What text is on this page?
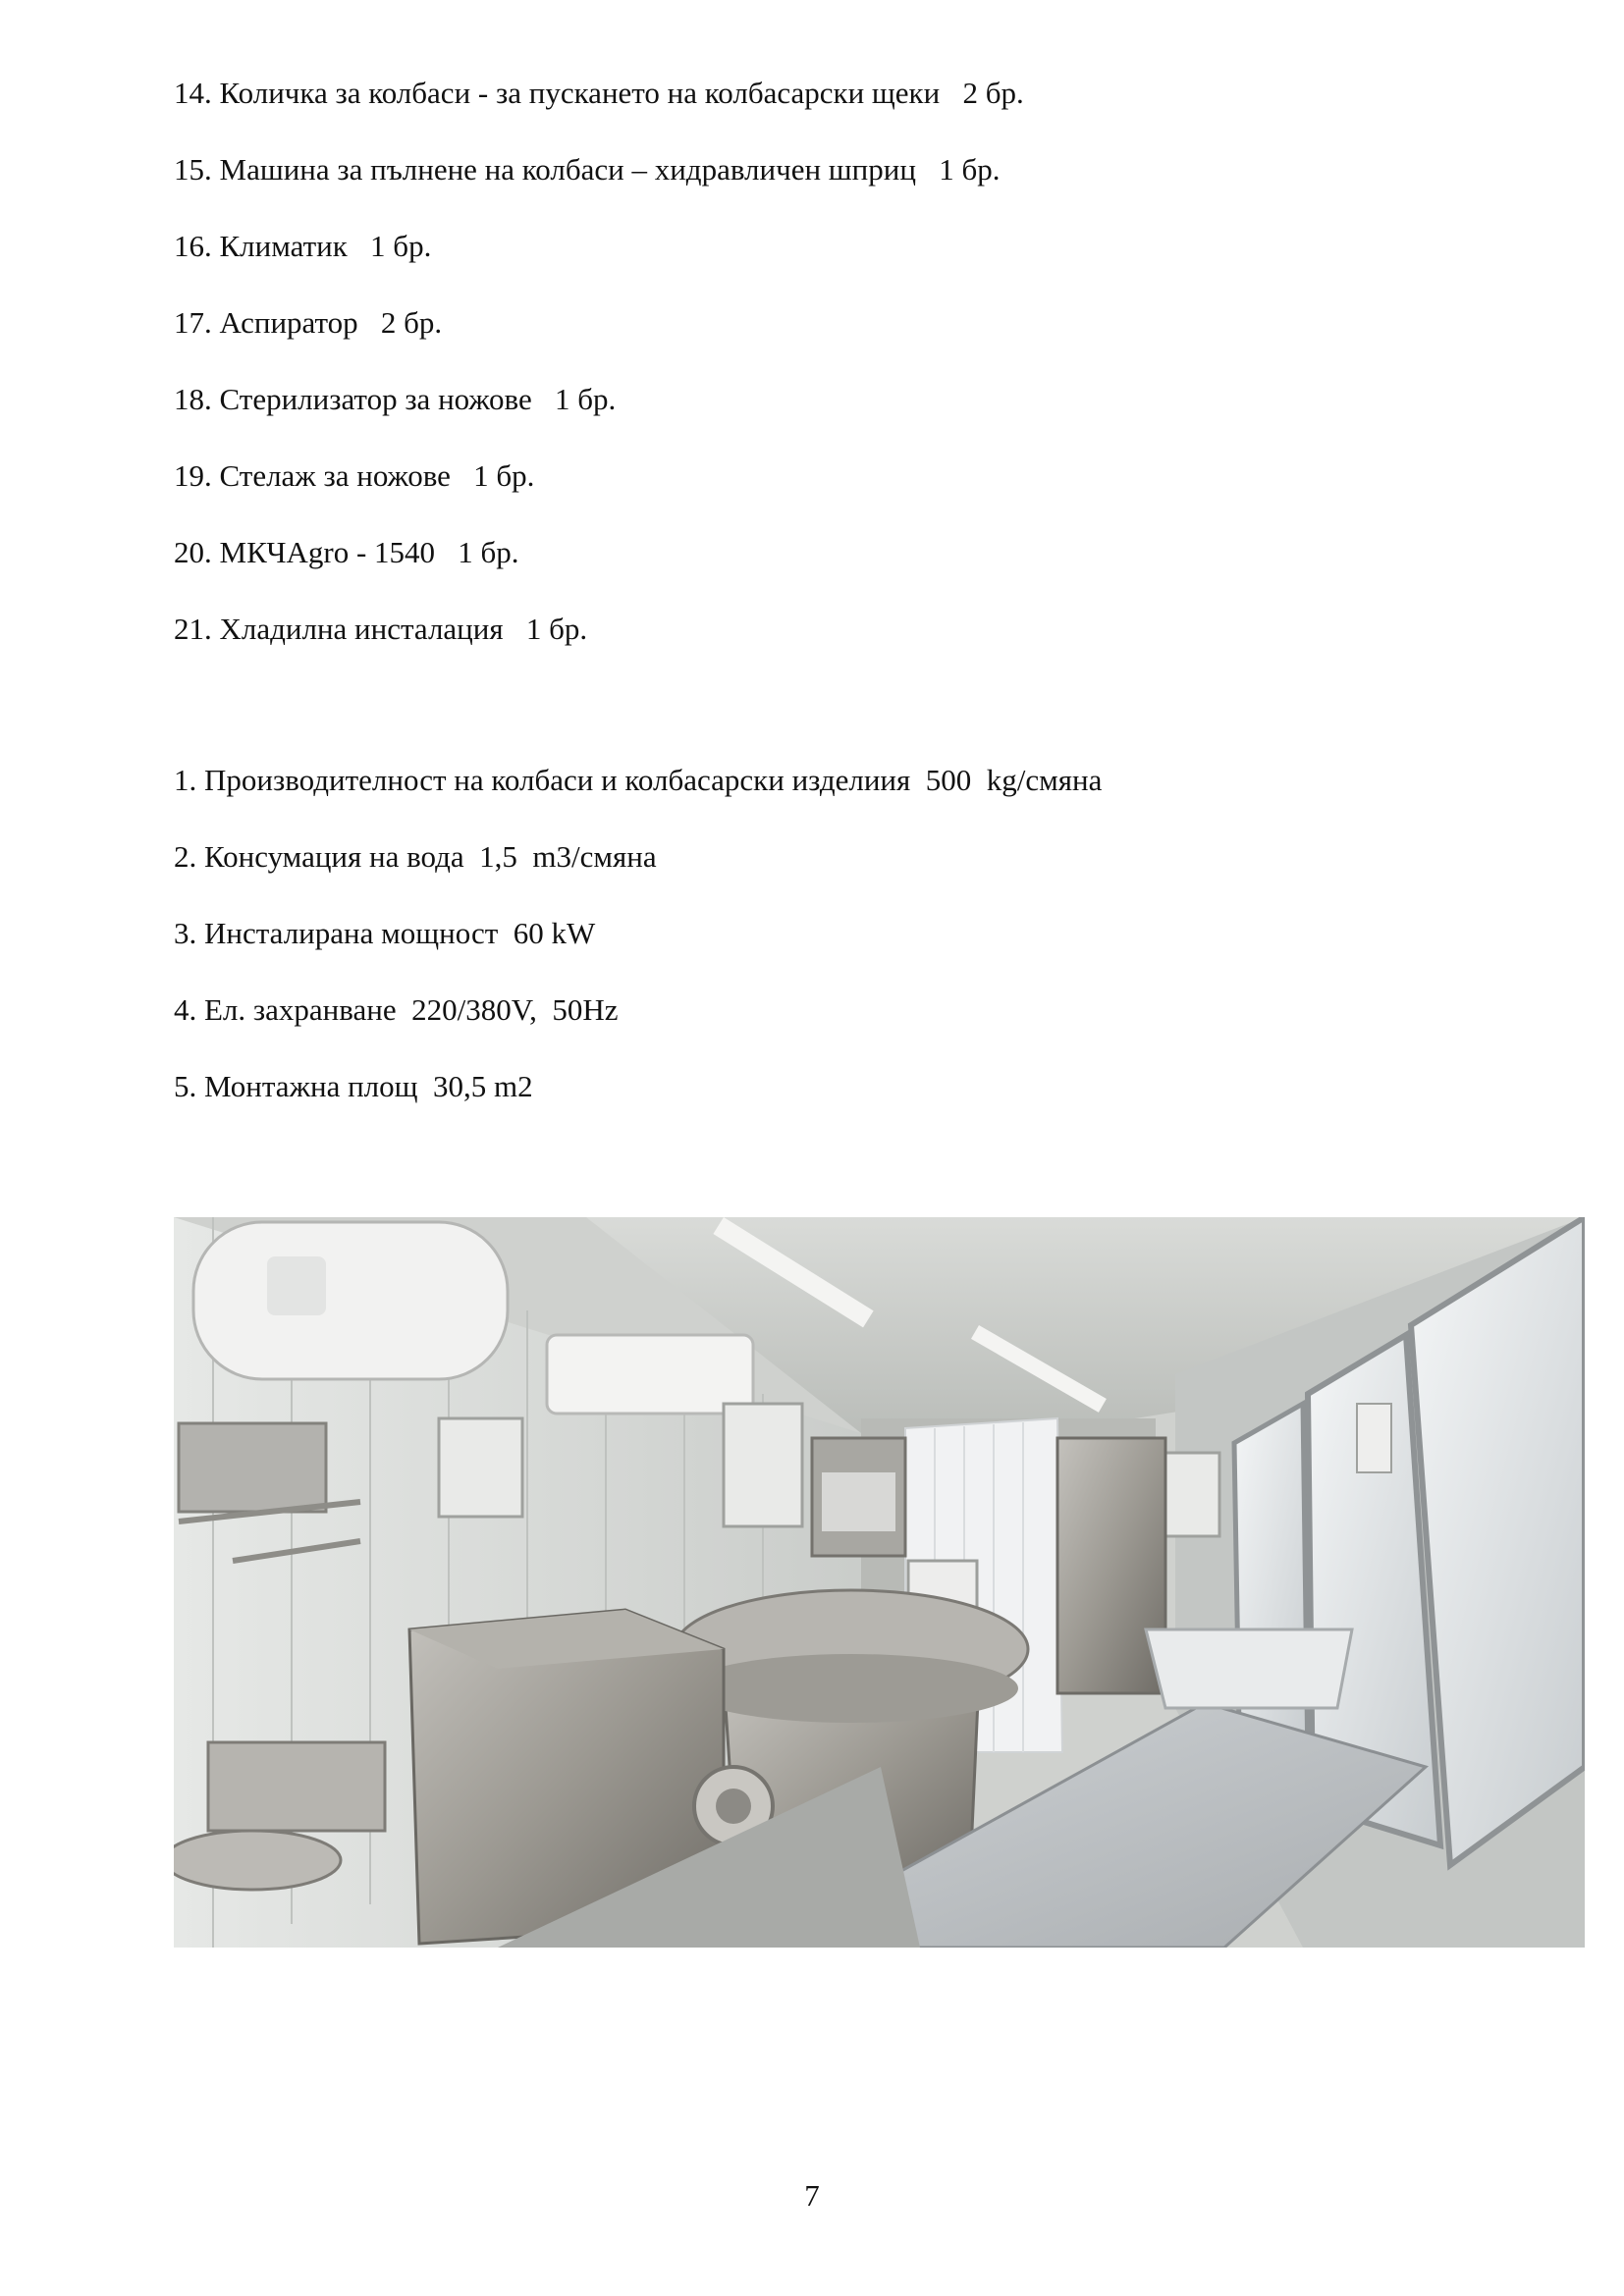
14. Количка за колбаси - за пускането на колбасарски щеки   2 бр.
15. Машина за пълнене на колбаси – хидравличен шприц   1 бр.
16. Климатик   1 бр.
17. Аспиратор   2 бр.
18. Стерилизатор за ножове   1 бр.
19. Стелаж за ножове   1 бр.
20. МКЧAgro - 1540   1 бр.
21. Хладилна инсталация   1 бр.
1. Производителност на колбаси и колбасарски изделиия  500  kg/смяна
2. Консумация на вода  1,5  m3/смяна
3. Инсталирана мощност  60 kW
4. Ел. захранване  220/380V,  50Hz
5. Монтажна площ  30,5 m2
7
